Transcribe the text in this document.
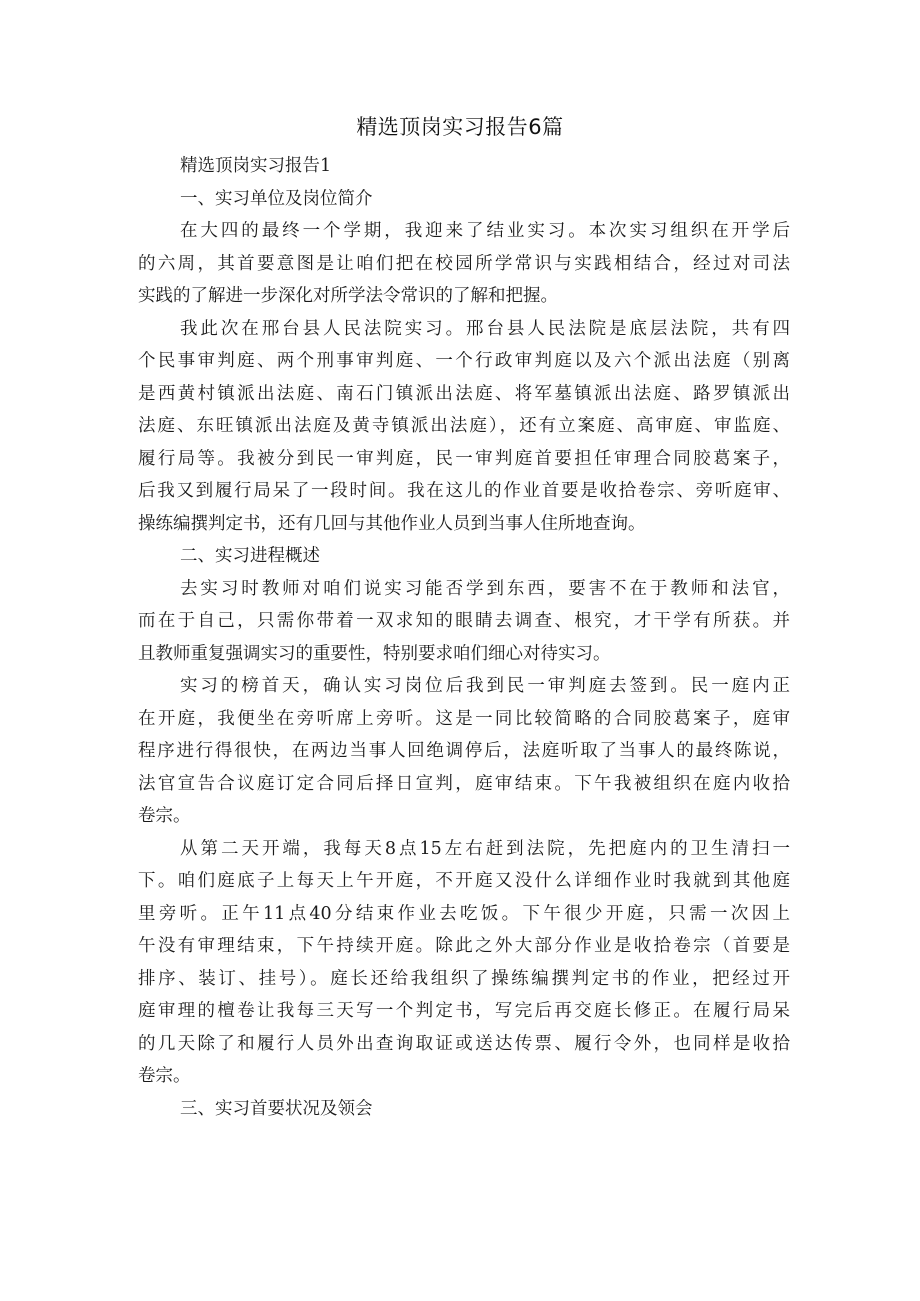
精选顶岗实习报告6篇
精选顶岗实习报告1
一、实习单位及岗位简介
在大四的最终一个学期，我迎来了结业实习。本次实习组织在开学后
的六周，其首要意图是让咱们把在校园所学常识与实践相结合，经过对司法
实践的了解进一步深化对所学法令常识的了解和把握。
我此次在邢台县人民法院实习。邢台县人民法院是底层法院，共有四
个民事审判庭、两个刑事审判庭、一个行政审判庭以及六个派出法庭（别离
是西黄村镇派出法庭、南石门镇派出法庭、将军墓镇派出法庭、路罗镇派出
法庭、东旺镇派出法庭及黄寺镇派出法庭），还有立案庭、高审庭、审监庭、
履行局等。我被分到民一审判庭，民一审判庭首要担任审理合同胶葛案子，
后我又到履行局呆了一段时间。我在这儿的作业首要是收拾卷宗、旁听庭审、
操练编撰判定书，还有几回与其他作业人员到当事人住所地查询。
二、实习进程概述
去实习时教师对咱们说实习能否学到东西，要害不在于教师和法官，
而在于自己，只需你带着一双求知的眼睛去调查、根究，才干学有所获。并
且教师重复强调实习的重要性，特别要求咱们细心对待实习。
实习的榜首天，确认实习岗位后我到民一审判庭去签到。民一庭内正
在开庭，我便坐在旁听席上旁听。这是一同比较简略的合同胶葛案子，庭审
程序进行得很快，在两边当事人回绝调停后，法庭听取了当事人的最终陈说，
法官宣告合议庭订定合同后择日宣判，庭审结束。下午我被组织在庭内收拾
卷宗。
从第二天开端，我每天8点15左右赶到法院，先把庭内的卫生清扫一
下。咱们庭底子上每天上午开庭，不开庭又没什么详细作业时我就到其他庭
里旁听。正午11点40分结束作业去吃饭。下午很少开庭，只需一次因上
午没有审理结束，下午持续开庭。除此之外大部分作业是收拾卷宗（首要是
排序、装订、挂号）。庭长还给我组织了操练编撰判定书的作业，把经过开
庭审理的檀卷让我每三天写一个判定书，写完后再交庭长修正。在履行局呆
的几天除了和履行人员外出查询取证或送达传票、履行令外，也同样是收拾
卷宗。
三、实习首要状况及领会
